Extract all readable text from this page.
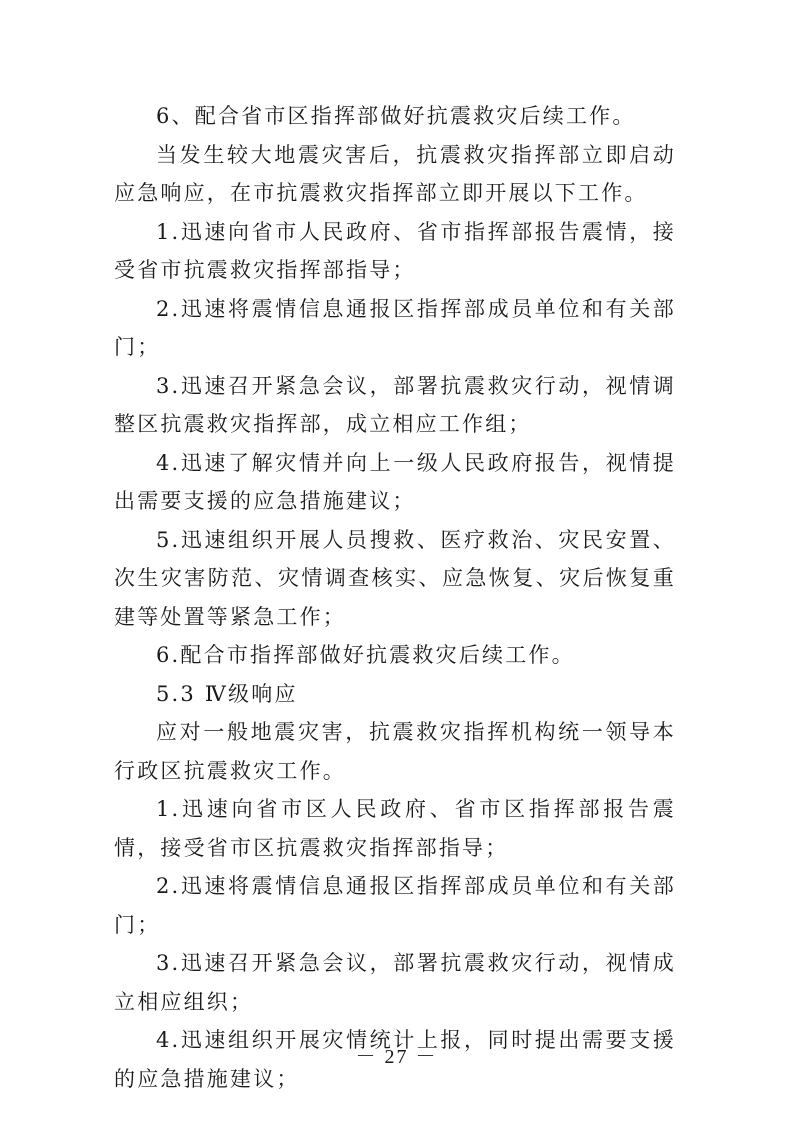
6、配合省市区指挥部做好抗震救灾后续工作。

当发生较大地震灾害后，抗震救灾指挥部立即启动应急响应，在市抗震救灾指挥部立即开展以下工作。

1.迅速向省市人民政府、省市指挥部报告震情，接受省市抗震救灾指挥部指导；

2.迅速将震情信息通报区指挥部成员单位和有关部门；

3.迅速召开紧急会议，部署抗震救灾行动，视情调整区抗震救灾指挥部，成立相应工作组；

4.迅速了解灾情并向上一级人民政府报告，视情提出需要支援的应急措施建议；

5.迅速组织开展人员搜救、医疗救治、灾民安置、次生灾害防范、灾情调查核实、应急恢复、灾后恢复重建等处置等紧急工作；

6.配合市指挥部做好抗震救灾后续工作。

5.3 Ⅳ级响应

应对一般地震灾害，抗震救灾指挥机构统一领导本行政区抗震救灾工作。

1.迅速向省市区人民政府、省市区指挥部报告震情，接受省市区抗震救灾指挥部指导；

2.迅速将震情信息通报区指挥部成员单位和有关部门；

3.迅速召开紧急会议，部署抗震救灾行动，视情成立相应组织；

4.迅速组织开展灾情统计上报，同时提出需要支援的应急措施建议；

－ 27 －
